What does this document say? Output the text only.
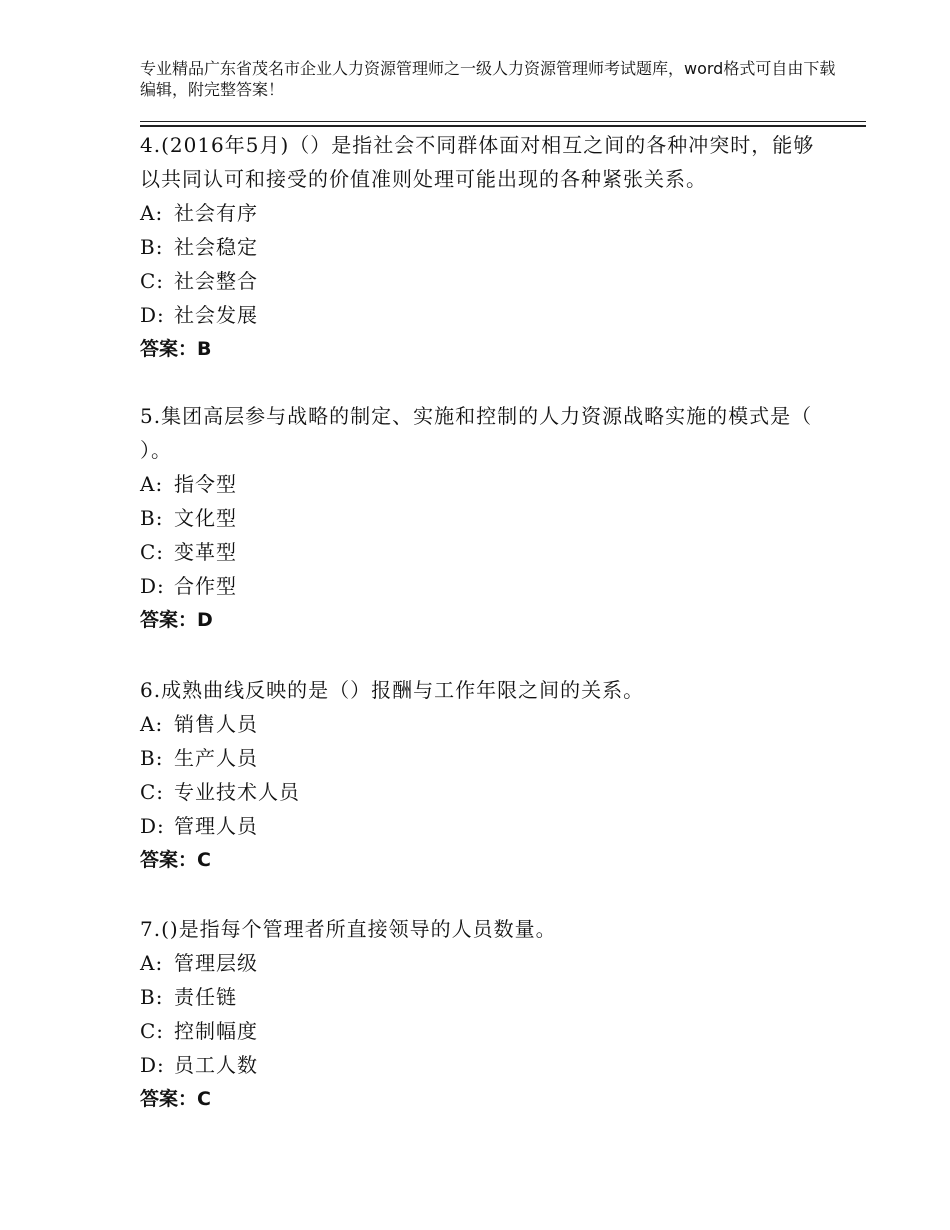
专业精品广东省茂名市企业人力资源管理师之一级人力资源管理师考试题库，word格式可自由下载编辑，附完整答案！
4.(2016年5月)（）是指社会不同群体面对相互之间的各种冲突时，能够以共同认可和接受的价值准则处理可能出现的各种紧张关系。
A: 社会有序
B: 社会稳定
C: 社会整合
D: 社会发展
答案：B
5.集团高层参与战略的制定、实施和控制的人力资源战略实施的模式是（ ）。
A: 指令型
B: 文化型
C: 变革型
D: 合作型
答案：D
6.成熟曲线反映的是（）报酬与工作年限之间的关系。
A: 销售人员
B: 生产人员
C: 专业技术人员
D: 管理人员
答案：C
7.()是指每个管理者所直接领导的人员数量。
A: 管理层级
B: 责任链
C: 控制幅度
D: 员工人数
答案：C
